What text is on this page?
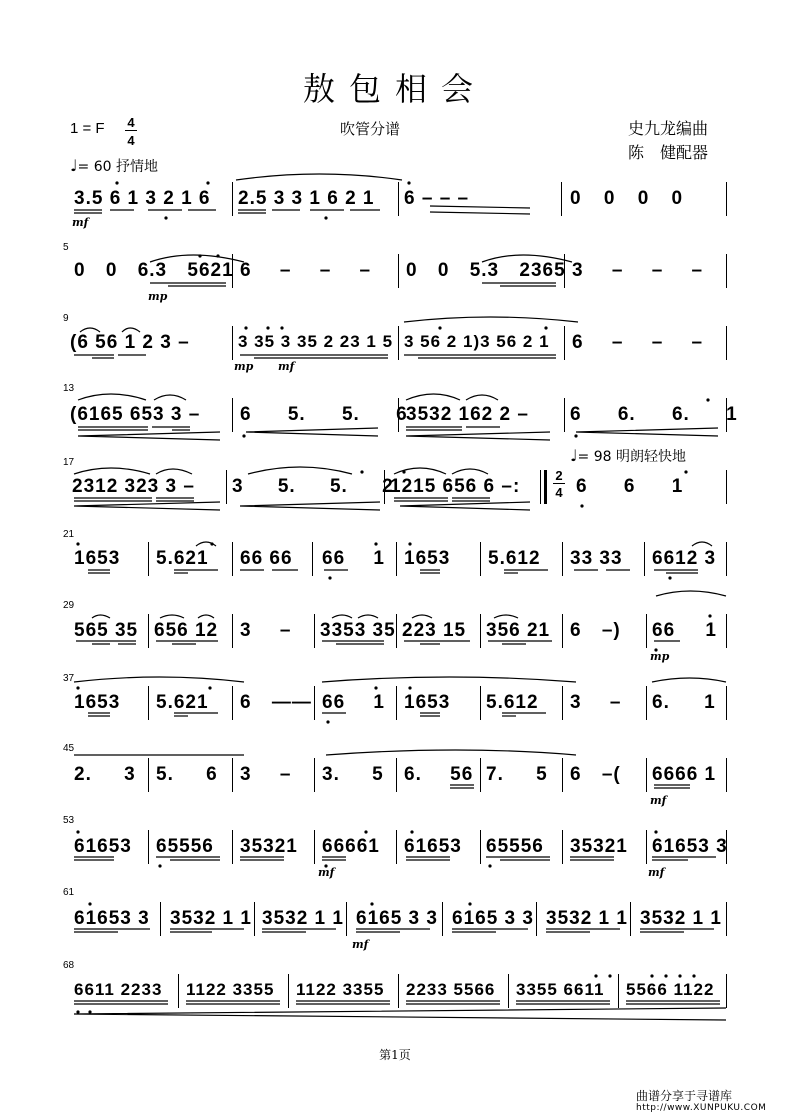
敖包相会
1 = F 4
4
吹管分谱	史九龙编曲
陈　健配器
♩= 60 抒情地
5
9
13
17
21
29
37
45
53
61
68
3.5 6 1 3 2 1 6 2.5 3 3 1 6 2 1 6 – – –	0 0 0 0
mf
0 0 6.3 5621 6 – – – 0 0 5.3 2365 3 – – –
mp
(6 56 1 2 3 –	3 35 3 35 2 23 1 5 3 56 2 1)3 56 2 1 6 – – –
mp mf
(6165 653 3 – 6 5. 5. 6
3532 162 2 – 6 6. 6. 1
♩= 98 明朗轻快地
2312 323 3 – 3 5. 5. 2
1215 656 6 –:
2
4 6 6 1
1653 5.621 66 66 66 1 1653 5.612 33 33 6612 3
565 35 656 12 3 – 3353 35 223 15 356 21 6 –) 66 1
mp
1653 5.621 6 —— 66 1 1653 5.612 3 – 6. 1
2. 3 5. 6 3 – 3. 5 6. 56 7. 5 6 –( 6666 1
mf
61653 65556 35321 66661 61653 65556 35321 61653 3
mf	mf
61653 3 3532 1 1 3532 1 1 6165 3 3 6165 3 3 3532 1 1 3532 1 1
mf
6611 2233 1122 3355 1122 3355 2233 5566 3355 6611 5566 1122
第1页
曲谱分享于寻谱库
http://www.XUNPUKU.COM
